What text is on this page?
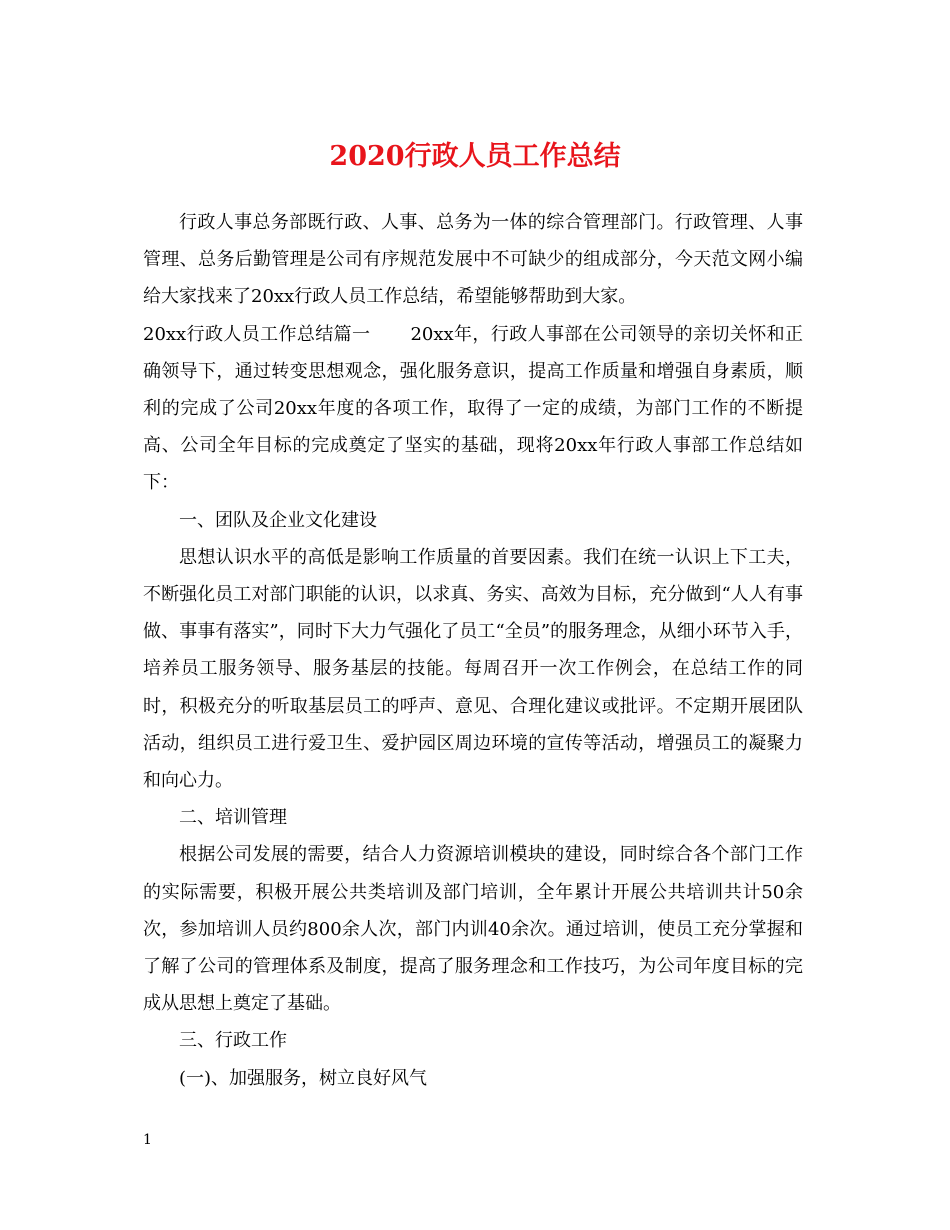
2020行政人员工作总结

行政人事总务部既行政、人事、总务为一体的综合管理部门。行政管理、人事管理、总务后勤管理是公司有序规范发展中不可缺少的组成部分，今天范文网小编给大家找来了20xx行政人员工作总结，希望能够帮助到大家。

20xx行政人员工作总结篇一 20xx年，行政人事部在公司领导的亲切关怀和正确领导下，通过转变思想观念，强化服务意识，提高工作质量和增强自身素质，顺利的完成了公司20xx年度的各项工作，取得了一定的成绩，为部门工作的不断提高、公司全年目标的完成奠定了坚实的基础，现将20xx年行政人事部工作总结如下：

一、团队及企业文化建设

思想认识水平的高低是影响工作质量的首要因素。我们在统一认识上下工夫，不断强化员工对部门职能的认识，以求真、务实、高效为目标，充分做到“人人有事做、事事有落实”，同时下大力气强化了员工“全员”的服务理念，从细小环节入手，培养员工服务领导、服务基层的技能。每周召开一次工作例会，在总结工作的同时，积极充分的听取基层员工的呼声、意见、合理化建议或批评。不定期开展团队活动，组织员工进行爱卫生、爱护园区周边环境的宣传等活动，增强员工的凝聚力和向心力。

二、培训管理

根据公司发展的需要，结合人力资源培训模块的建设，同时综合各个部门工作的实际需要，积极开展公共类培训及部门培训，全年累计开展公共培训共计50余次，参加培训人员约800余人次，部门内训40余次。通过培训，使员工充分掌握和了解了公司的管理体系及制度，提高了服务理念和工作技巧，为公司年度目标的完成从思想上奠定了基础。

三、行政工作

(一)、加强服务，树立良好风气

1
